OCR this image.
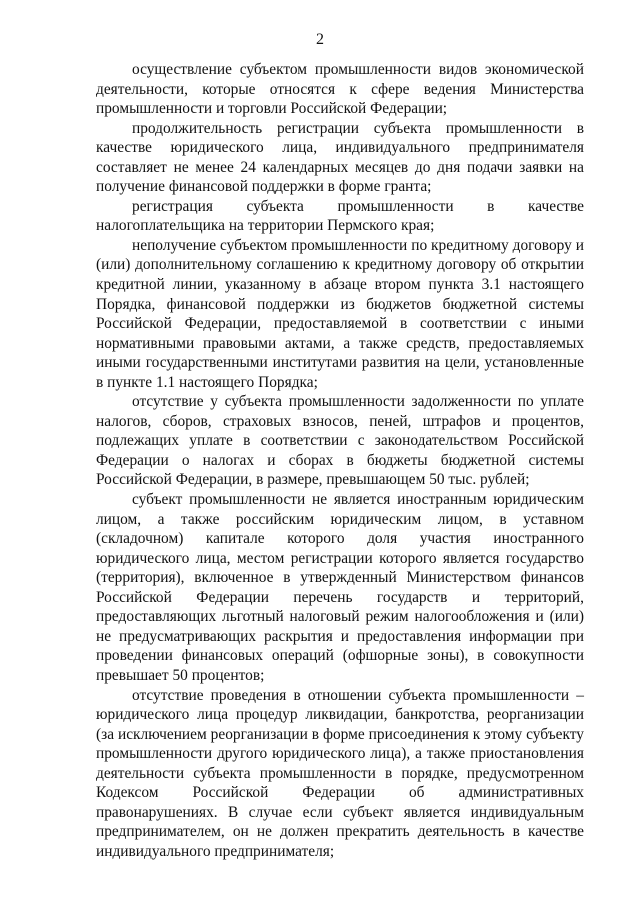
2

осуществление субъектом промышленности видов экономической деятельности, которые относятся к сфере ведения Министерства промышленности и торговли Российской Федерации;

продолжительность регистрации субъекта промышленности в качестве юридического лица, индивидуального предпринимателя составляет не менее 24 календарных месяцев до дня подачи заявки на получение финансовой поддержки в форме гранта;

регистрация субъекта промышленности в качестве налогоплательщика на территории Пермского края;

неполучение субъектом промышленности по кредитному договору и (или) дополнительному соглашению к кредитному договору об открытии кредитной линии, указанному в абзаце втором пункта 3.1 настоящего Порядка, финансовой поддержки из бюджетов бюджетной системы Российской Федерации, предоставляемой в соответствии с иными нормативными правовыми актами, а также средств, предоставляемых иными государственными институтами развития на цели, установленные в пункте 1.1 настоящего Порядка;

отсутствие у субъекта промышленности задолженности по уплате налогов, сборов, страховых взносов, пеней, штрафов и процентов, подлежащих уплате в соответствии с законодательством Российской Федерации о налогах и сборах в бюджеты бюджетной системы Российской Федерации, в размере, превышающем 50 тыс. рублей;

субъект промышленности не является иностранным юридическим лицом, а также российским юридическим лицом, в уставном (складочном) капитале которого доля участия иностранного юридического лица, местом регистрации которого является государство (территория), включенное в утвержденный Министерством финансов Российской Федерации перечень государств и территорий, предоставляющих льготный налоговый режим налогообложения и (или) не предусматривающих раскрытия и предоставления информации при проведении финансовых операций (офшорные зоны), в совокупности превышает 50 процентов;

отсутствие проведения в отношении субъекта промышленности – юридического лица процедур ликвидации, банкротства, реорганизации (за исключением реорганизации в форме присоединения к этому субъекту промышленности другого юридического лица), а также приостановления деятельности субъекта промышленности в порядке, предусмотренном Кодексом Российской Федерации об административных правонарушениях. В случае если субъект является индивидуальным предпринимателем, он не должен прекратить деятельность в качестве индивидуального предпринимателя;
